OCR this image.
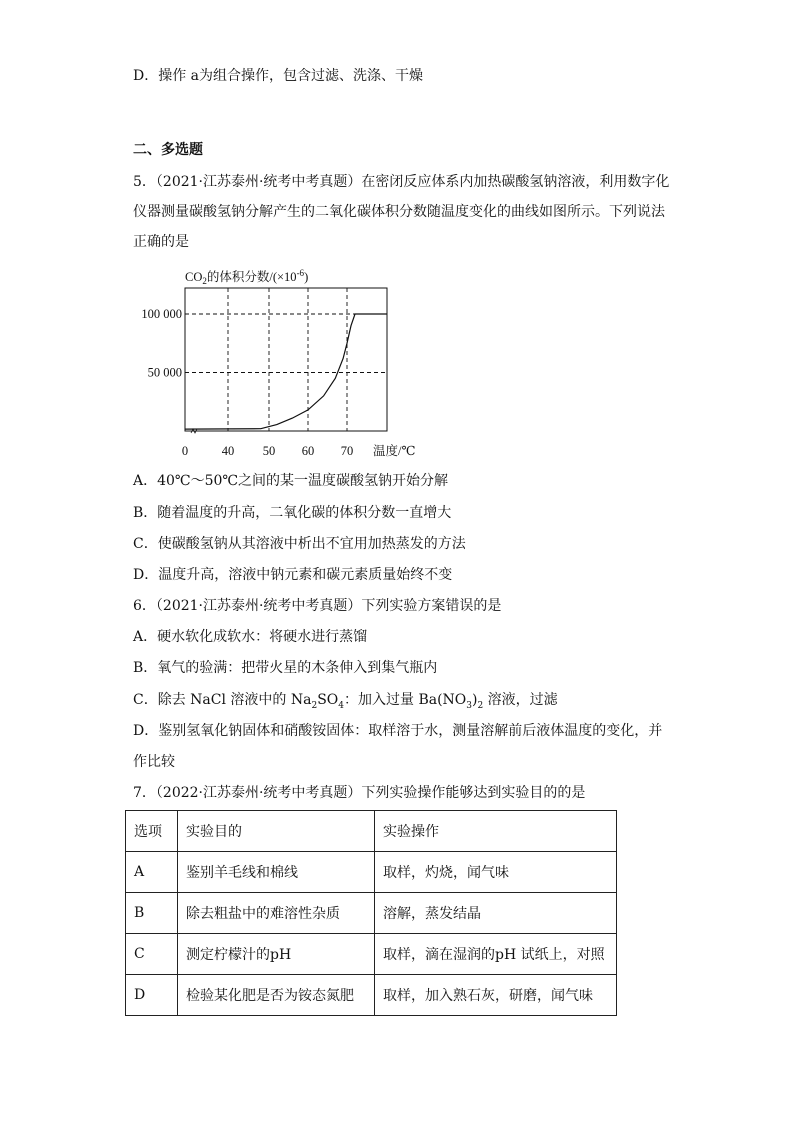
D．操作 a为组合操作，包含过滤、洗涤、干燥
二、多选题
5．（2021·江苏泰州·统考中考真题）在密闭反应体系内加热碳酸氢钠溶液，利用数字化
仪器测量碳酸氢钠分解产生的二氧化碳体积分数随温度变化的曲线如图所示。下列说法
正确的是
$CO_2$的体积分数$/(\times 10^{-6})$
50 000
100 000
0	40 50 60 70 温度/℃
A．40℃～50℃之间的某一温度碳酸氢钠开始分解
B．随着温度的升高，二氧化碳的体积分数一直增大
C．使碳酸氢钠从其溶液中析出不宜用加热蒸发的方法
D．温度升高，溶液中钠元素和碳元素质量始终不变
6．（2021·江苏泰州·统考中考真题）下列实验方案错误的是
A．硬水软化成软水：将硬水进行蒸馏
B．氧气的验满：把带火星的木条伸入到集气瓶内
C．除去 NaCl 溶液中的 $Na_2SO_4$：加入过量 $Ba(NO_3)_2$ 溶液，过滤
D．鉴别氢氧化钠固体和硝酸铵固体：取样溶于水，测量溶解前后液体温度的变化，并
作比较
7．（2022·江苏泰州·统考中考真题）下列实验操作能够达到实验目的的是
选项	实验目的	实验操作
A	鉴别羊毛线和棉线	取样，灼烧，闻气味
B	除去粗盐中的难溶性杂质	溶解，蒸发结晶
C	测定柠檬汁的pH	取样，滴在湿润的pH 试纸上，对照
D	检验某化肥是否为铵态氮肥	取样，加入熟石灰，研磨，闻气味
